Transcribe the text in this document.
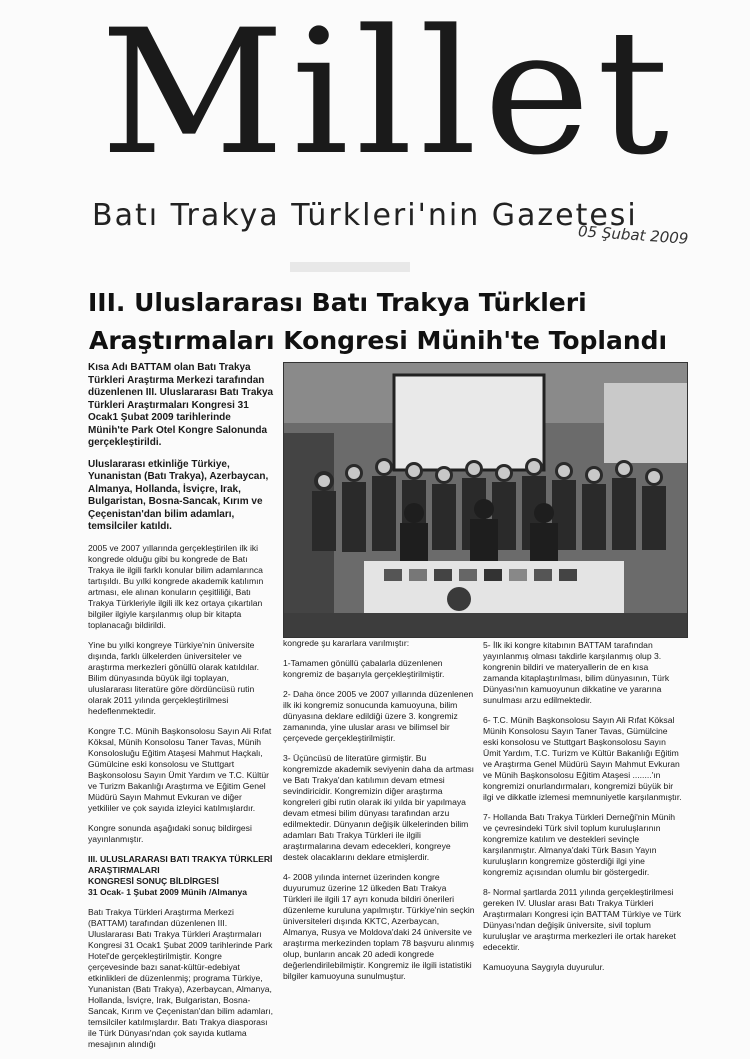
Millet
Batı Trakya Türkleri'nin Gazetesi
05 Şubat 2009
III. Uluslararası Batı Trakya Türkleri
Araştırmaları Kongresi Münih'te Toplandı

Kısa Adı BATTAM olan Batı Trakya Türkleri Araştırma Merkezi tarafından düzenlenen III. Uluslararası Batı Trakya Türkleri Araştırmaları Kongresi 31 Ocak1 Şubat 2009 tarihlerinde Münih'te Park Otel Kongre Salonunda gerçekleştirildi.

Uluslararası etkinliğe Türkiye, Yunanistan (Batı Trakya), Azerbaycan, Almanya, Hollanda, İsviçre, Irak, Bulgaristan, Bosna-Sancak, Kırım ve Çeçenistan'dan bilim adamları, temsilciler katıldı.

2005 ve 2007 yıllarında gerçekleştirilen ilk iki kongrede olduğu gibi bu kongrede de Batı Trakya ile ilgili farklı konular bilim adamlarınca tartışıldı. Bu yılki kongrede akademik katılımın artması, ele alınan konuların çeşitliliği, Batı Trakya Türkleriyle ilgili ilk kez ortaya çıkartılan bilgiler ilgiyle karşılanmış olup bir kitapta toplanacağı bildirildi.

Yine bu yılki kongreye Türkiye'nin üniversite dışında, farklı ülkelerden üniversiteler ve araştırma merkezleri gönüllü olarak katıldılar. Bilim dünyasında büyük ilgi toplayan, uluslararası literatüre göre dördüncüsü rutin olarak 2011 yılında gerçekleştirilmesi hedeflenmektedir.

Kongre T.C. Münih Başkonsolosu Sayın Ali Rıfat Köksal, Münih Konsolosu Taner Tavas, Münih Konsolosluğu Eğitim Ataşesi Mahmut Haçkalı, Gümülcine eski konsolosu ve Stuttgart Başkonsolosu Sayın Ümit Yardım ve T.C. Kültür ve Turizm Bakanlığı Araştırma ve Eğitim Genel Müdürü Sayın Mahmut Evkuran ve diğer yetkililer ve çok sayıda izleyici katılmışlardır.

Kongre sonunda aşağıdaki sonuç bildirgesi yayınlanmıştır.

III. ULUSLARARASI BATI TRAKYA TÜRKLERİ ARAŞTIRMALARI
KONGRESİ SONUÇ BİLDİRGESİ

31 Ocak- 1 Şubat 2009 Münih /Almanya

Batı Trakya Türkleri Araştırma Merkezi (BATTAM) tarafından düzenlenen III. Uluslararası Batı Trakya Türkleri Araştırmaları Kongresi 31 Ocak1 Şubat 2009 tarihlerinde Park Hotel'de gerçekleştirilmiştir. Kongre çerçevesinde bazı sanat-kültür-edebiyat etkinlikleri de düzenlenmiş; programa Türkiye, Yunanistan (Batı Trakya), Azerbaycan, Almanya, Hollanda, İsviçre, Irak, Bulgaristan, Bosna-Sancak, Kırım ve Çeçenistan'dan bilim adamları, temsilciler katılmışlardır. Batı Trakya diasporası ile Türk Dünyası'ndan çok sayıda kutlama mesajının alındığı

kongrede şu kararlara varılmıştır:

1-Tamamen gönüllü çabalarla düzenlenen kongremiz de başarıyla gerçekleştirilmiştir.

2- Daha önce 2005 ve 2007 yıllarında düzenlenen ilk iki kongremiz sonucunda kamuoyuna, bilim dünyasına deklare edildiği üzere 3. kongremiz zamanında, yine uluslar arası ve bilimsel bir çerçevede gerçekleştirilmiştir.

3- Üçüncüsü de literatüre girmiştir. Bu kongremizde akademik seviyenin daha da artması ve Batı Trakya'dan katılımın devam etmesi sevindiricidir. Kongremizin diğer araştırma kongreleri gibi rutin olarak iki yılda bir yapılmaya devam etmesi bilim dünyası tarafından arzu edilmektedir. Dünyanın değişik ülkelerinden bilim adamları Batı Trakya Türkleri ile ilgili araştırmalarına devam edecekleri, kongreye destek olacaklarını deklare etmişlerdir.

4- 2008 yılında internet üzerinden kongre duyurumuz üzerine 12 ülkeden Batı Trakya Türkleri ile ilgili 17 ayrı konuda bildiri önerileri düzenleme kuruluna yapılmıştır. Türkiye'nin seçkin üniversiteleri dışında KKTC, Azerbaycan, Almanya, Rusya ve Moldova'daki 24 üniversite ve araştırma merkezinden toplam 78 başvuru alınmış olup, bunların ancak 20 adedi kongrede değerlendirilebilmiştir. Kongremiz ile ilgili istatistiki bilgiler kamuoyuna sunulmuştur.

5- İlk iki kongre kitabının BATTAM tarafından yayınlanmış olması takdirle karşılanmış olup 3. kongrenin bildiri ve materyallerin de en kısa zamanda kitaplaştırılması, bilim dünyasının, Türk Dünyası'nın kamuoyunun dikkatine ve yararına sunulması arzu edilmektedir.

6- T.C. Münih Başkonsolosu Sayın Ali Rıfat Köksal Münih Konsolosu Sayın Taner Tavas, Gümülcine eski konsolosu ve Stuttgart Başkonsolosu Sayın Ümit Yardım, T.C. Turizm ve Kültür Bakanlığı Eğitim ve Araştırma Genel Müdürü Sayın Mahmut Evkuran ve Münih Başkonsolosu Eğitim Ataşesi ........'ın kongremizi onurlandırmaları, kongremizi büyük bir ilgi ve dikkatle izlemesi memnuniyetle karşılanmıştır.

7- Hollanda Batı Trakya Türkleri Derneği'nin Münih ve çevresindeki Türk sivil toplum kuruluşlarının kongremize katılım ve destekleri sevinçle karşılanmıştır. Almanya'daki Türk Basın Yayın kuruluşların kongremize gösterdiği ilgi yine kongremiz açısından olumlu bir göstergedir.

8- Normal şartlarda 2011 yılında gerçekleştirilmesi gereken IV. Uluslar arası Batı Trakya Türkleri Araştırmaları Kongresi için BATTAM Türkiye ve Türk Dünyası'ndan değişik üniversite, sivil toplum kuruluşlar ve araştırma merkezleri ile ortak hareket edecektir.

Kamuoyuna Saygıyla duyurulur.
